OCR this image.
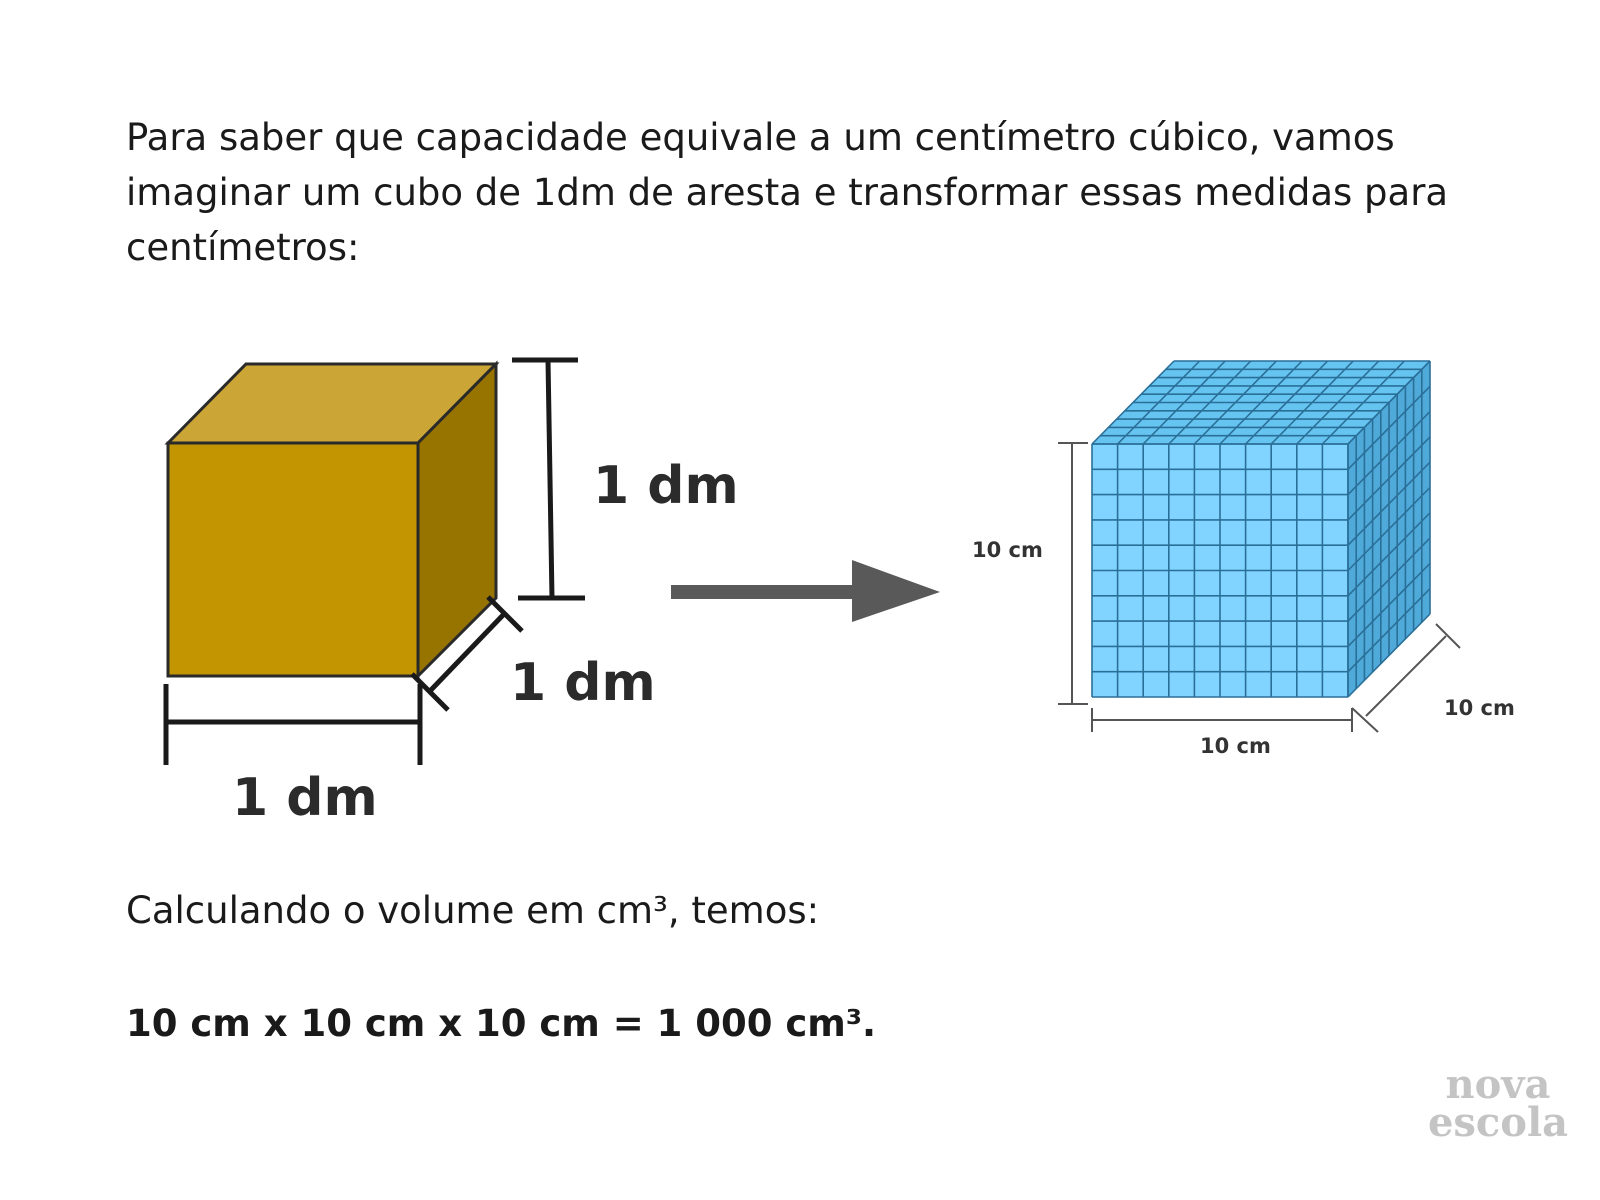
Para saber que capacidade equivale a um centímetro cúbico, vamos imaginar um cubo de 1dm de aresta e transformar essas medidas para centímetros:

1 dm
1 dm
1 dm
10 cm
10 cm
10 cm

Calculando o volume em cm³, temos:

10 cm x 10 cm x 10 cm = 1 000 cm³.

nova
escola
